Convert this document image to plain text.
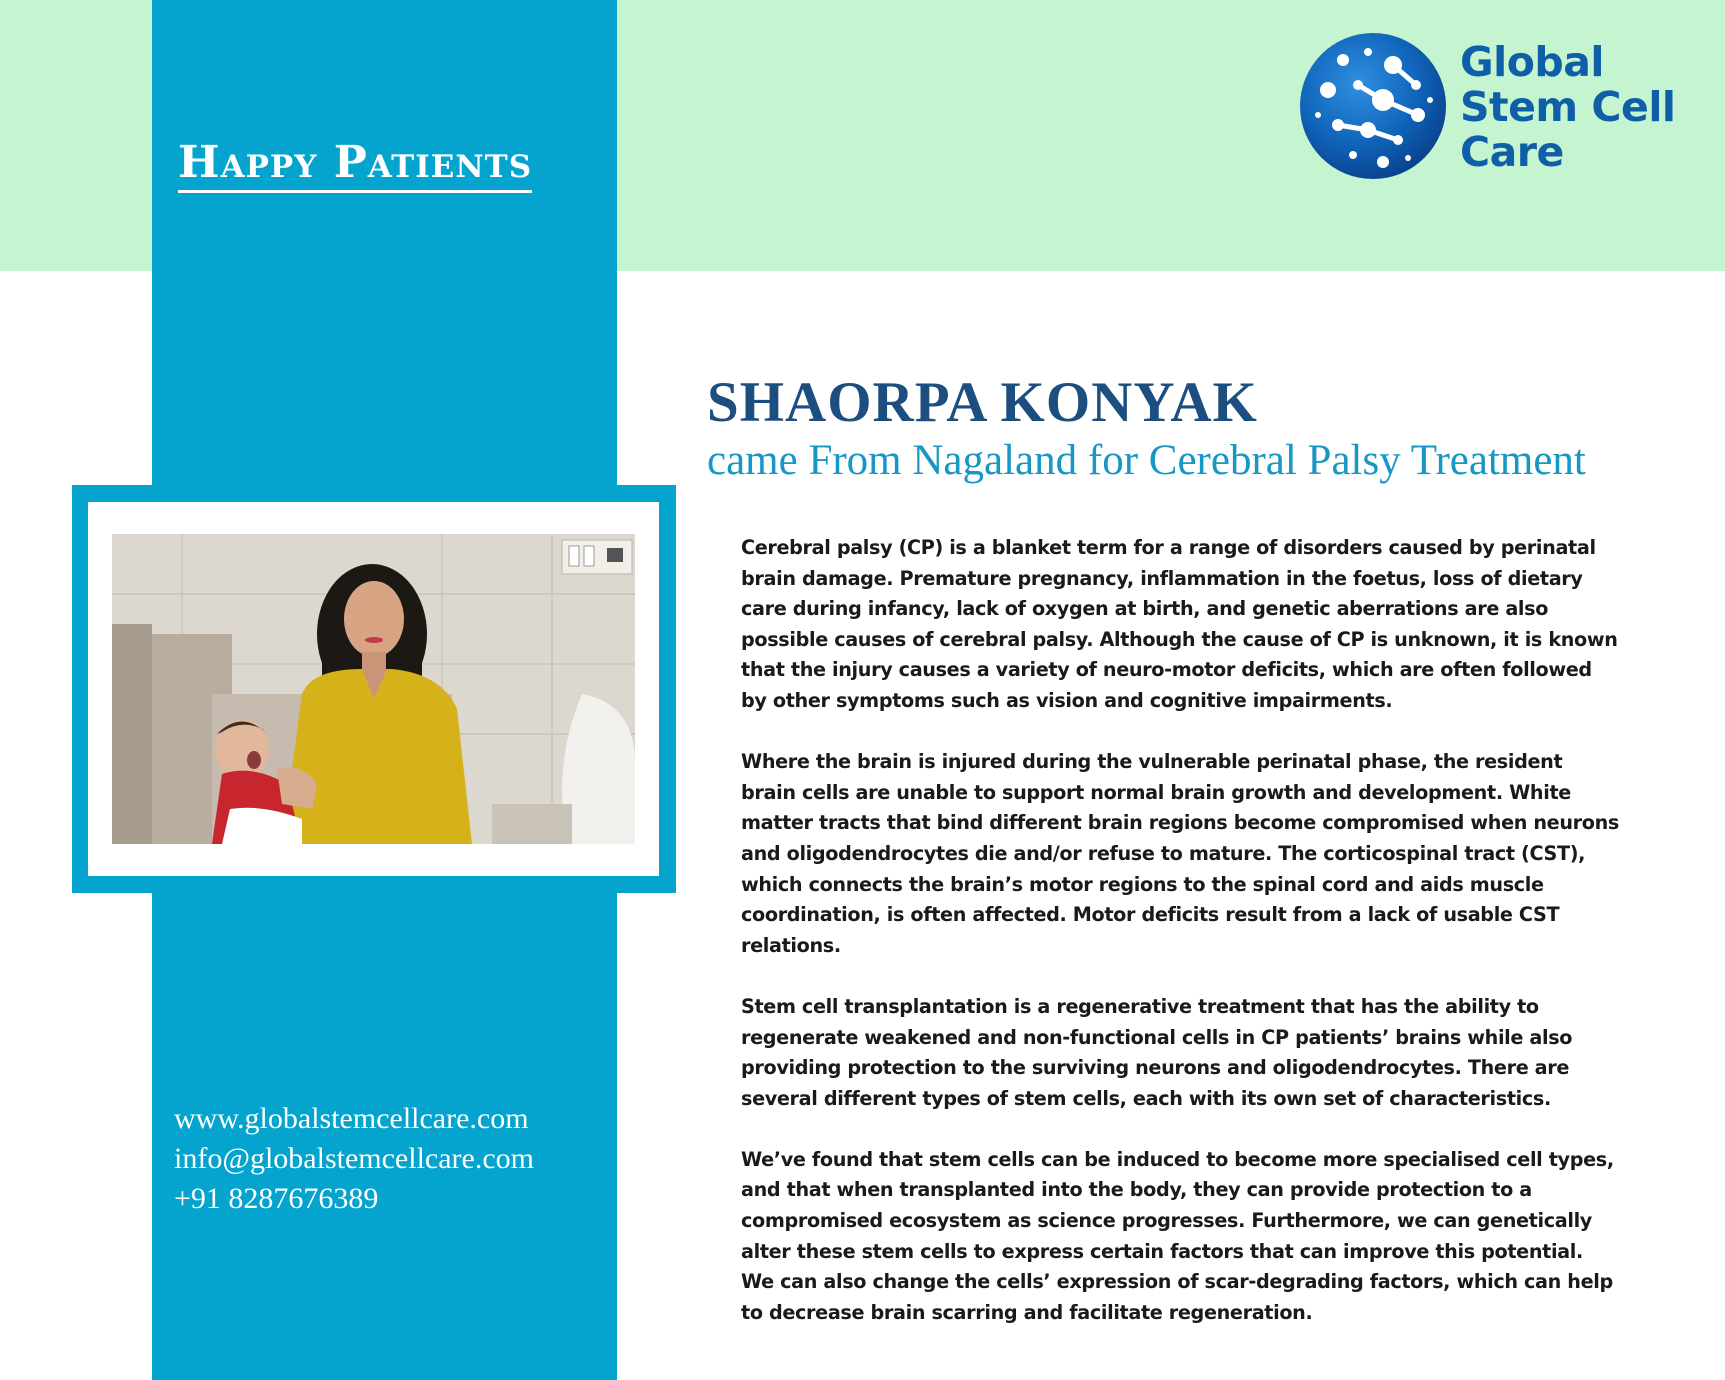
Happy Patients
www.globalstemcellcare.com
info@globalstemcellcare.com
+91 8287676389
Global
Stem Cell
Care
SHAORPA KONYAK
came From Nagaland for Cerebral Palsy Treatment

Cerebral palsy (CP) is a blanket term for a range of disorders caused by perinatal brain damage. Premature pregnancy, inflammation in the foetus, loss of dietary care during infancy, lack of oxygen at birth, and genetic aberrations are also possible causes of cerebral palsy. Although the cause of CP is unknown, it is known that the injury causes a variety of neuro-motor deficits, which are often followed by other symptoms such as vision and cognitive impairments.

Where the brain is injured during the vulnerable perinatal phase, the resident brain cells are unable to support normal brain growth and development. White matter tracts that bind different brain regions become compromised when neurons and oligodendrocytes die and/or refuse to mature. The corticospinal tract (CST), which connects the brain’s motor regions to the spinal cord and aids muscle coordination, is often affected. Motor deficits result from a lack of usable CST relations.

Stem cell transplantation is a regenerative treatment that has the ability to regenerate weakened and non-functional cells in CP patients’ brains while also providing protection to the surviving neurons and oligodendrocytes. There are several different types of stem cells, each with its own set of characteristics.

We’ve found that stem cells can be induced to become more specialised cell types, and that when transplanted into the body, they can provide protection to a compromised ecosystem as science progresses. Furthermore, we can genetically alter these stem cells to express certain factors that can improve this potential. We can also change the cells’ expression of scar-degrading factors, which can help to decrease brain scarring and facilitate regeneration.
